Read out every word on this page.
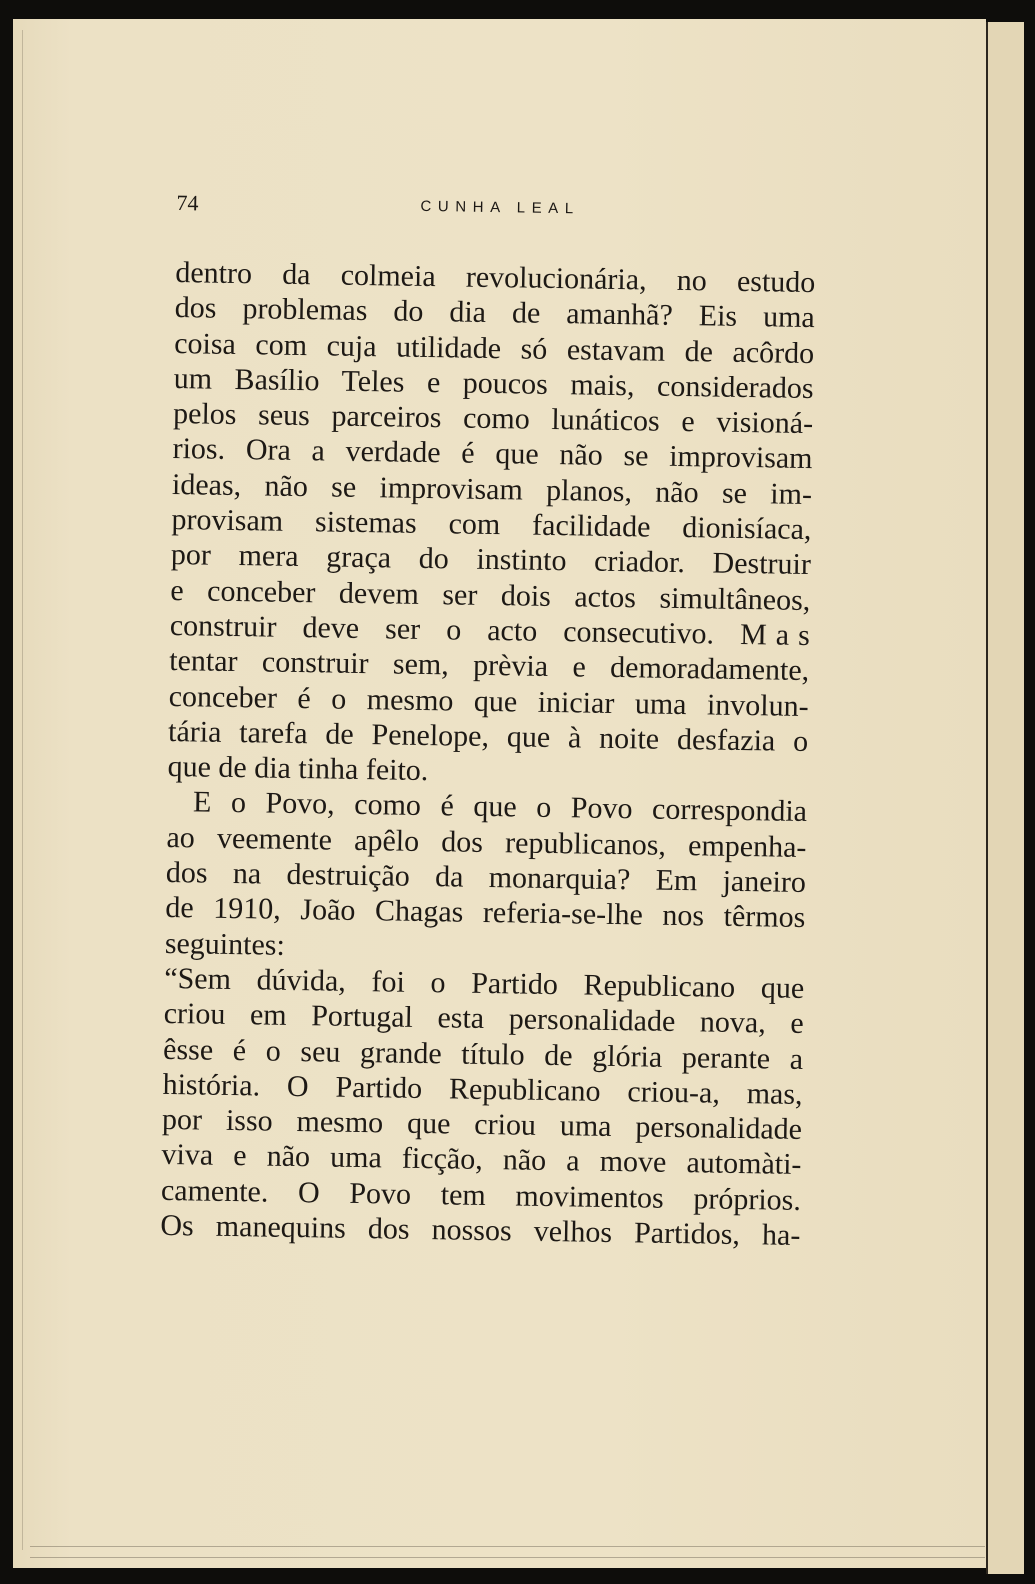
74	CUNHA LEAL
dentro da colmeia revolucionária, no estudo
dos problemas do dia de amanhã? Eis uma
coisa com cuja utilidade só estavam de acôrdo
um Basílio Teles e poucos mais, considerados
pelos seus parceiros como lunáticos e visioná-
rios. Ora a verdade é que não se improvisam
ideas, não se improvisam planos, não se im-
provisam sistemas com facilidade dionisíaca,
por mera graça do instinto criador. Destruir
e conceber devem ser dois actos simultâneos,
construir deve ser o acto consecutivo. Mas
tentar construir sem, prèvia e demoradamente,
conceber é o mesmo que iniciar uma involun-
tária tarefa de Penelope, que à noite desfazia o
que de dia tinha feito.
E o Povo, como é que o Povo correspondia
ao veemente apêlo dos republicanos, empenha-
dos na destruição da monarquia? Em janeiro
de 1910, João Chagas referia-se-lhe nos têrmos
seguintes:
“Sem dúvida, foi o Partido Republicano que
criou em Portugal esta personalidade nova, e
êsse é o seu grande título de glória perante a
história. O Partido Republicano criou-a, mas,
por isso mesmo que criou uma personalidade
viva e não uma ficção, não a move automàti-
camente. O Povo tem movimentos próprios.
Os manequins dos nossos velhos Partidos, ha-
